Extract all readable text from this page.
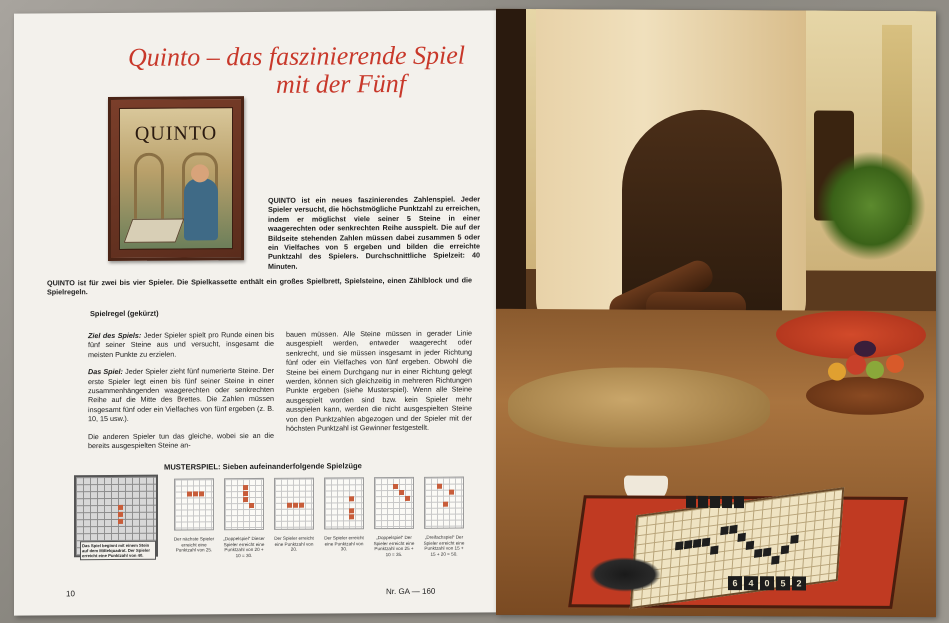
Quinto – das faszinierende Spiel
mit der Fünf
QUINTO
QUINTO ist ein neues faszinierendes Zahlenspiel. Jeder Spieler versucht, die höchstmögliche Punktzahl zu erreichen, indem er möglichst viele seiner 5 Steine in einer waagerechten oder senkrechten Reihe ausspielt. Die auf der Bildseite stehenden Zahlen müssen dabei zusammen 5 oder ein Vielfaches von 5 ergeben und bilden die erreichte Punktzahl des Spielers. Durchschnittliche Spielzeit: 40 Minuten.
QUINTO ist für zwei bis vier Spieler. Die Spielkassette enthält ein großes Spielbrett, Spielsteine, einen Zählblock und die Spielregeln.
Spielregel (gekürzt)

Ziel des Spiels: Jeder Spieler spielt pro Runde einen bis fünf seiner Steine aus und versucht, insgesamt die meisten Punkte zu erzielen.

Das Spiel: Jeder Spieler zieht fünf numerierte Steine. Der erste Spieler legt einen bis fünf seiner Steine in einer zusammenhängenden waagerechten oder senkrechten Reihe auf die Mitte des Brettes. Die Zahlen müssen insgesamt fünf oder ein Vielfaches von fünf ergeben (z. B. 10, 15 usw.).

Die anderen Spieler tun das gleiche, wobei sie an die bereits ausgespielten Steine an-

bauen müssen. Alle Steine müssen in gerader Linie ausgespielt werden, entweder waagerecht oder senkrecht, und sie müssen insgesamt in jeder Richtung fünf oder ein Vielfaches von fünf ergeben. Obwohl die Steine bei einem Durchgang nur in einer Richtung gelegt werden, können sich gleichzeitig in mehreren Richtungen Punkte ergeben (siehe Musterspiel). Wenn alle Steine ausgespielt worden sind bzw. kein Spieler mehr ausspielen kann, werden die nicht ausgespielten Steine von den Punktzahlen abgezogen und der Spieler mit der höchsten Punktzahl ist Gewinner festgestellt.

MUSTERSPIEL: Sieben aufeinanderfolgende Spielzüge
Das Spiel beginnt mit einem Stein auf dem Mittelquadrat. Der Spieler erreicht eine Punktzahl von 40.
Der nächste Spieler erreicht eine Punktzahl von 25.
„Doppelspiel“ Dieser Spieler erreicht eine Punktzahl von 20 + 10 = 30.
Der Spieler erreicht eine Punktzahl von 20.
Der Spieler erreicht eine Punktzahl von 30.
„Doppelspiel“ Der Spieler erreicht eine Punktzahl von 25 + 10 = 35.
„Dreifachspiel“ Der Spieler erreicht eine Punktzahl von 15 + 15 + 20 = 50.
10	Nr. GA — 160
6	4	0	5	2
